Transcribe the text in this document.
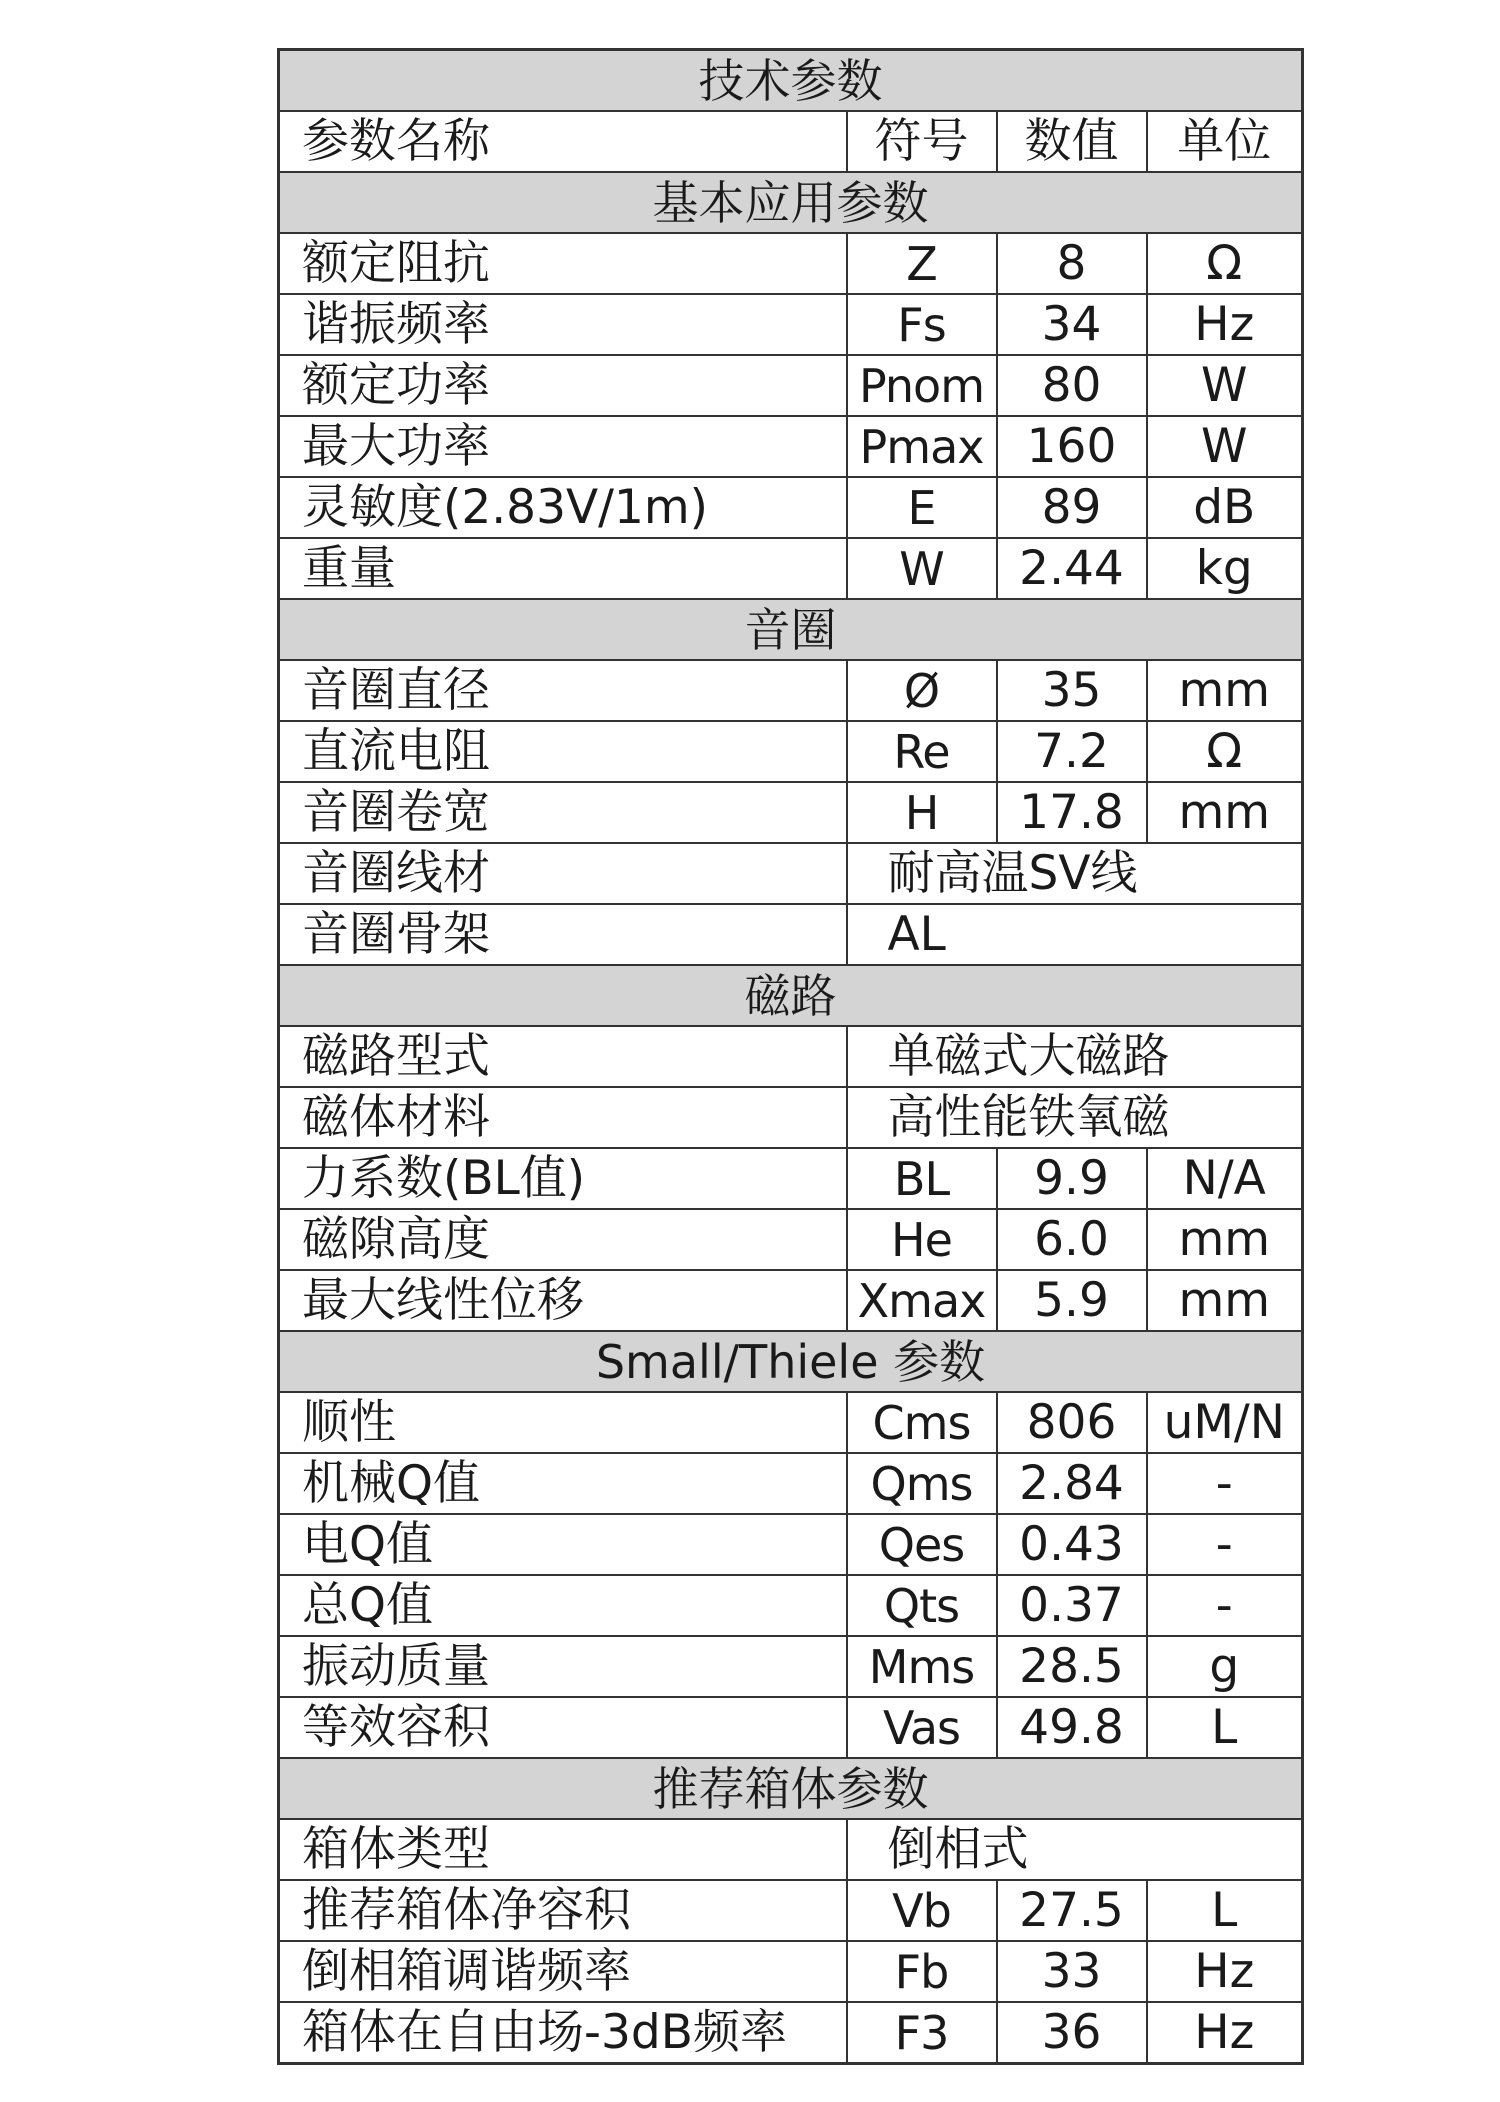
技术参数			
参数名称	符号	数值	单位
基本应用参数			
额定阻抗	Z	8	Ω
谐振频率	Fs	34	Hz
额定功率	Pnom	80	W
最大功率	Pmax	160	W
灵敏度(2.83V/1m)	E	89	dB
重量	W	2.44	kg
音圈			
音圈直径	Ø	35	mm
直流电阻	Re	7.2	Ω
音圈卷宽	H	17.8	mm
音圈线材	耐高温SV线		
音圈骨架	AL		
磁路			
磁路型式	单磁式大磁路		
磁体材料	高性能铁氧磁		
力系数(BL值)	BL	9.9	N/A
磁隙高度	He	6.0	mm
最大线性位移	Xmax	5.9	mm
Small/Thiele 参数			
顺性	Cms	806	uM/N
机械Q值	Qms	2.84	-
电Q值	Qes	0.43	-
总Q值	Qts	0.37	-
振动质量	Mms	28.5	g
等效容积	Vas	49.8	L
推荐箱体参数			
箱体类型	倒相式		
推荐箱体净容积	Vb	27.5	L
倒相箱调谐频率	Fb	33	Hz
箱体在自由场-3dB频率	F3	36	Hz
